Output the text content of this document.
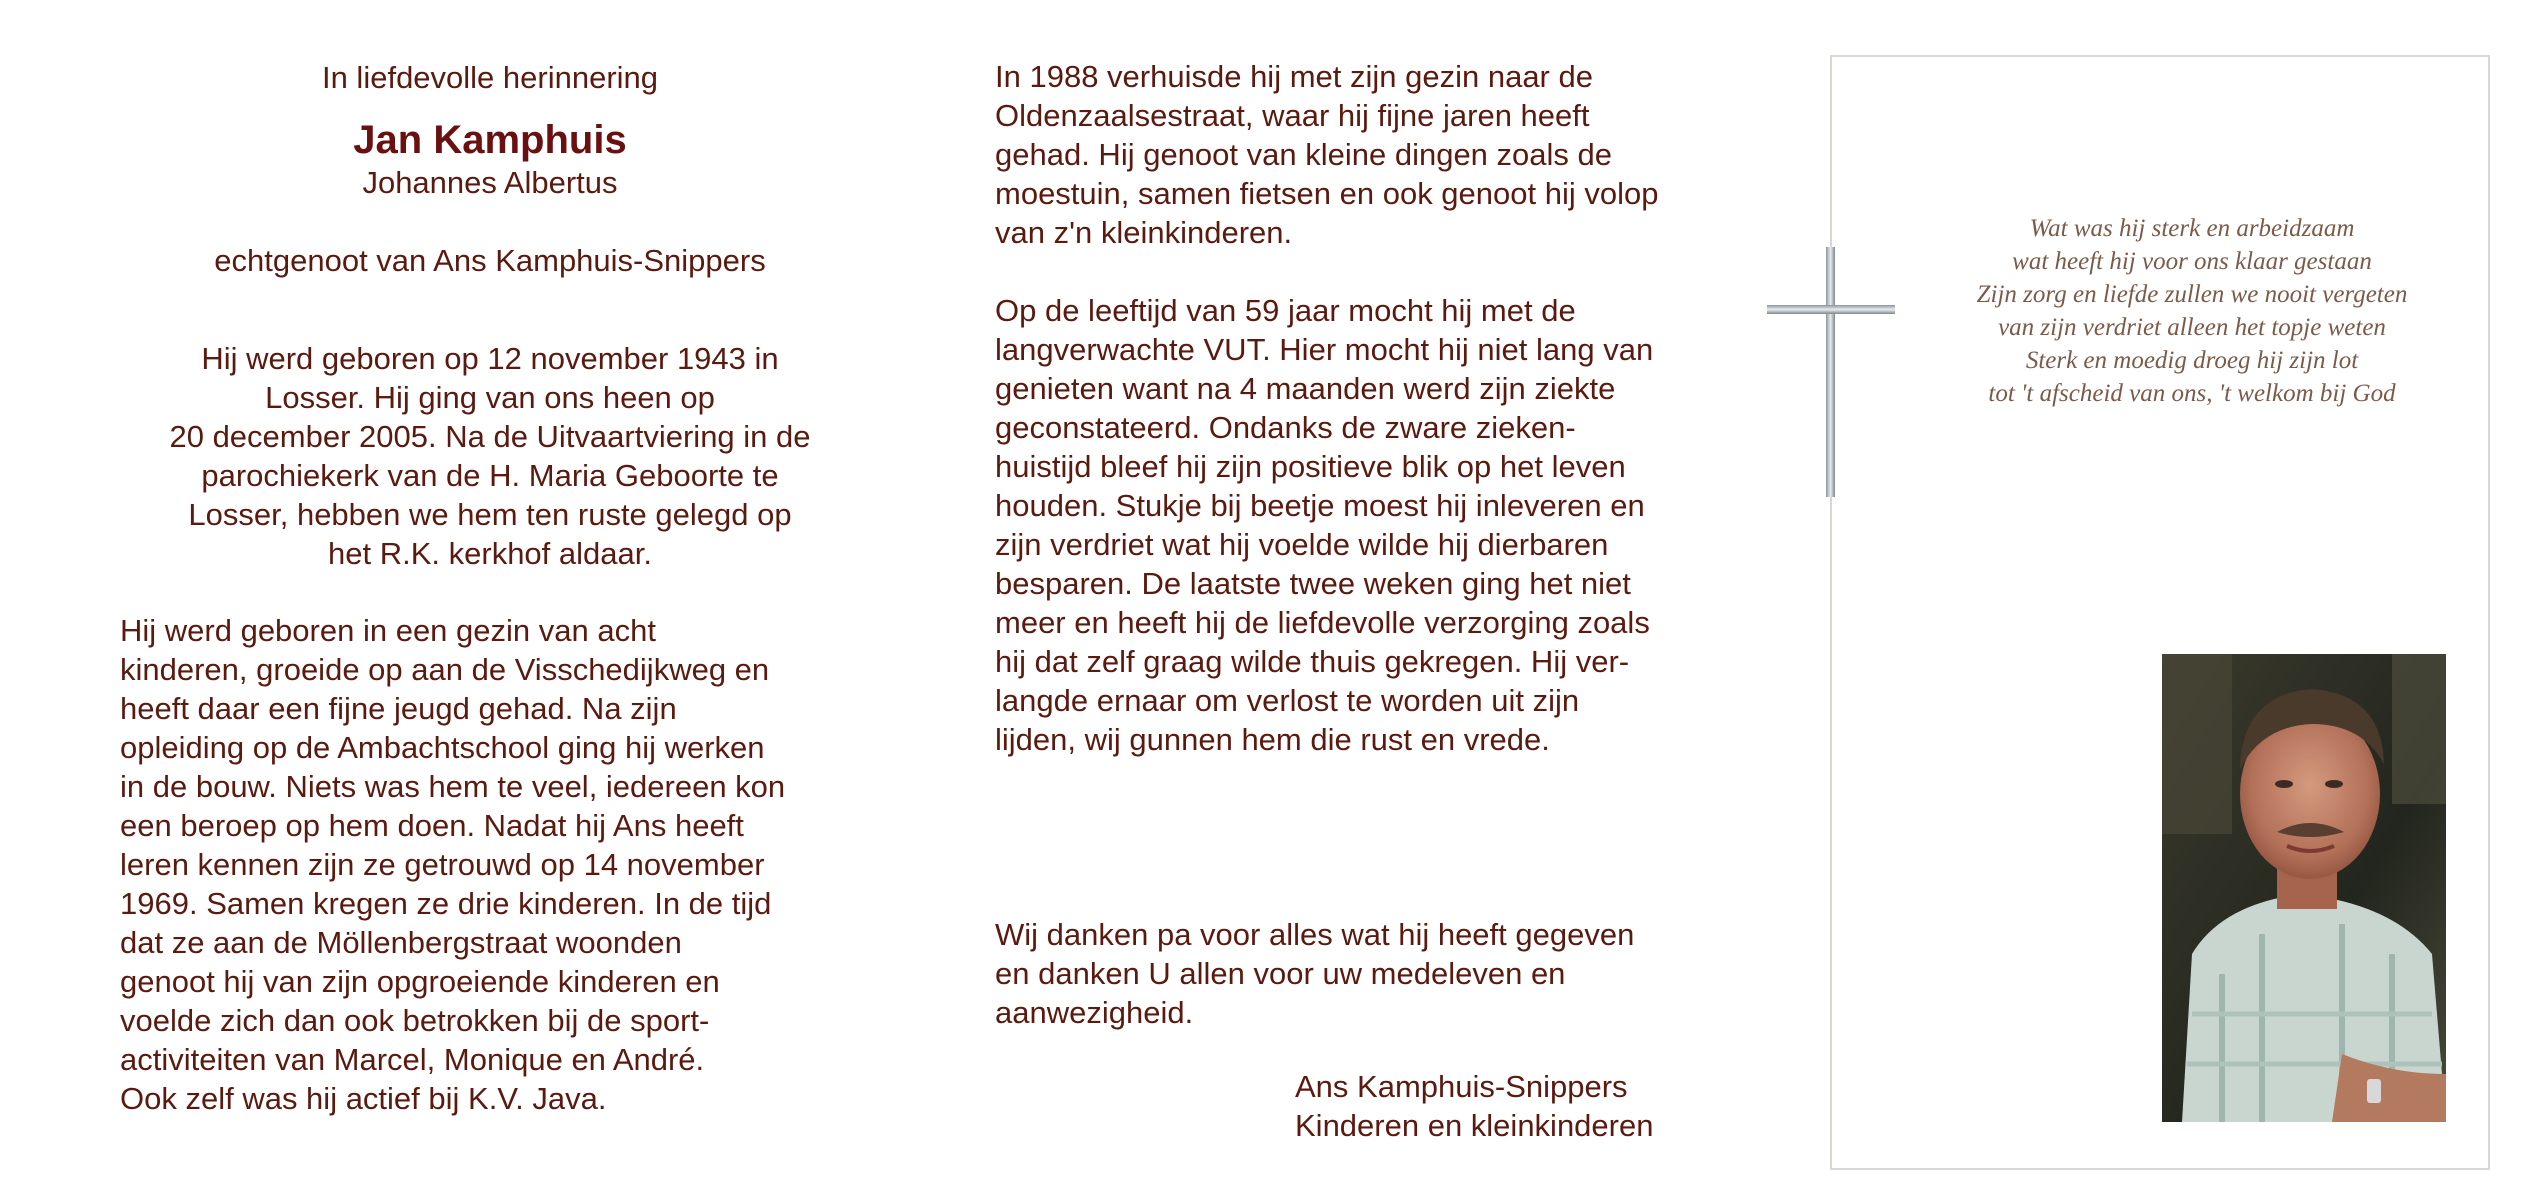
In liefdevolle herinnering
Jan Kamphuis
Johannes Albertus
echtgenoot van Ans Kamphuis-Snippers

Hij werd geboren op 12 november 1943 in

Losser. Hij ging van ons heen op

20 december 2005. Na de Uitvaartviering in de

parochiekerk van de H. Maria Geboorte te

Losser, hebben we hem ten ruste gelegd op

het R.K. kerkhof aldaar.

Hij werd geboren in een gezin van acht

kinderen, groeide op aan de Visschedijkweg en

heeft daar een fijne jeugd gehad. Na zijn

opleiding op de Ambachtschool ging hij werken

in de bouw. Niets was hem te veel, iedereen kon

een beroep op hem doen. Nadat hij Ans heeft

leren kennen zijn ze getrouwd op 14 november

1969. Samen kregen ze drie kinderen. In de tijd

dat ze aan de Möllenbergstraat woonden

genoot hij van zijn opgroeiende kinderen en

voelde zich dan ook betrokken bij de sport-

activiteiten van Marcel, Monique en André.

Ook zelf was hij actief bij K.V. Java.

In 1988 verhuisde hij met zijn gezin naar de

Oldenzaalsestraat, waar hij fijne jaren heeft

gehad. Hij genoot van kleine dingen zoals de

moestuin, samen fietsen en ook genoot hij volop

van z'n kleinkinderen.

Op de leeftijd van 59 jaar mocht hij met de

langverwachte VUT. Hier mocht hij niet lang van

genieten want na 4 maanden werd zijn ziekte

geconstateerd. Ondanks de zware zieken-

huistijd bleef hij zijn positieve blik op het leven

houden. Stukje bij beetje moest hij inleveren en

zijn verdriet wat hij voelde wilde hij dierbaren

besparen. De laatste twee weken ging het niet

meer en heeft hij de liefdevolle verzorging zoals

hij dat zelf graag wilde thuis gekregen. Hij ver-

langde ernaar om verlost te worden uit zijn

lijden, wij gunnen hem die rust en vrede.

Wij danken pa voor alles wat hij heeft gegeven

en danken U allen voor uw medeleven en

aanwezigheid.

Ans Kamphuis-Snippers
Kinderen en kleinkinderen
Wat was hij sterk en arbeidzaam
wat heeft hij voor ons klaar gestaan
Zijn zorg en liefde zullen we nooit vergeten
van zijn verdriet alleen het topje weten
Sterk en moedig droeg hij zijn lot
tot 't afscheid van ons, 't welkom bij God
